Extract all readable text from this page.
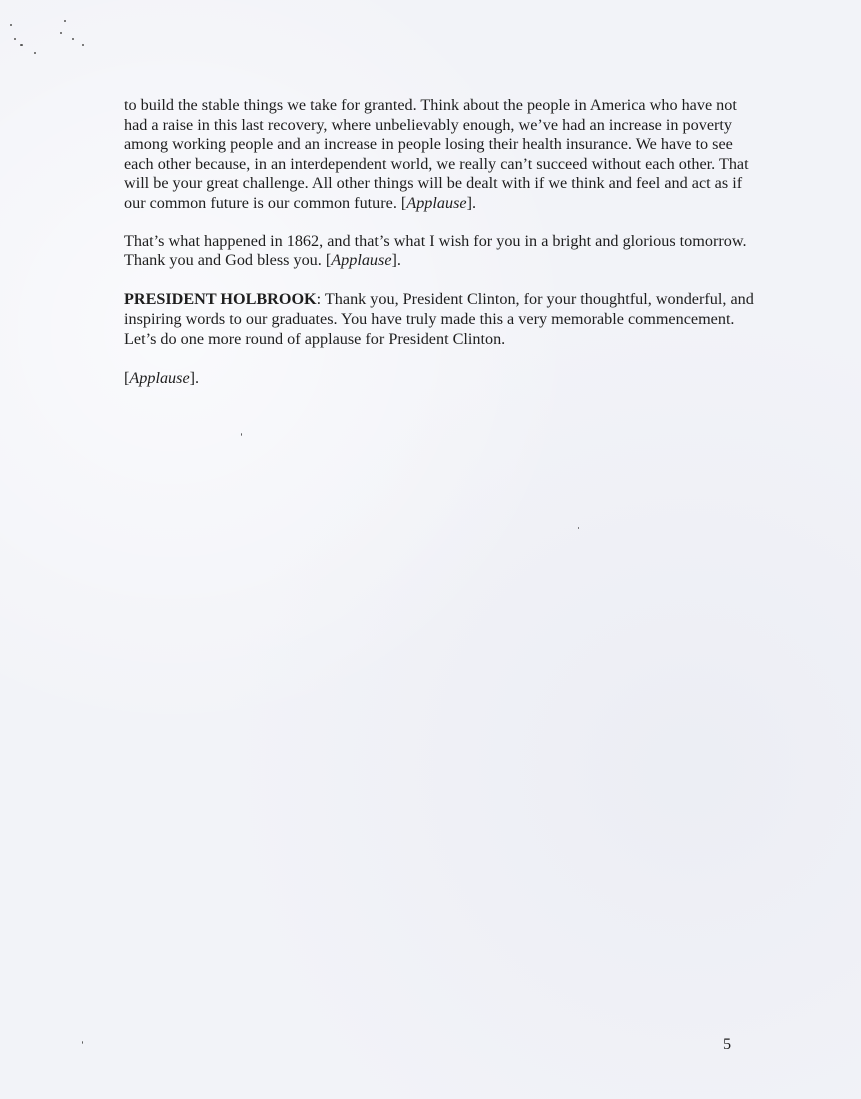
to build the stable things we take for granted. Think about the people in America who have not had a raise in this last recovery, where unbelievably enough, we’ve had an increase in poverty among working people and an increase in people losing their health insurance. We have to see each other because, in an interdependent world, we really can’t succeed without each other. That will be your great challenge. All other things will be dealt with if we think and feel and act as if our common future is our common future. [Applause].

That’s what happened in 1862, and that’s what I wish for you in a bright and glorious tomorrow. Thank you and God bless you. [Applause].

PRESIDENT HOLBROOK: Thank you, President Clinton, for your thoughtful, wonderful, and inspiring words to our graduates. You have truly made this a very memorable commencement. Let’s do one more round of applause for President Clinton.

[Applause].

5
